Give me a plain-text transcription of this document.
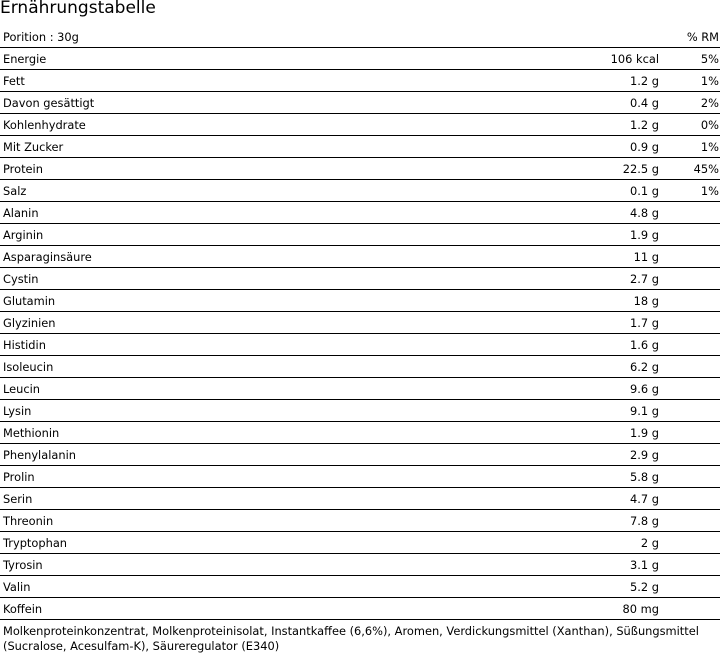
Ernährungstabelle
Porition : 30g		% RM
Energie	106 kcal	5%
Fett	1.2 g	1%
Davon gesättigt	0.4 g	2%
Kohlenhydrate	1.2 g	0%
Mit Zucker	0.9 g	1%
Protein	22.5 g	45%
Salz	0.1 g	1%
Alanin	4.8 g	
Arginin	1.9 g	
Asparaginsäure	11 g	
Cystin	2.7 g	
Glutamin	18 g	
Glyzinien	1.7 g	
Histidin	1.6 g	
Isoleucin	6.2 g	
Leucin	9.6 g	
Lysin	9.1 g	
Methionin	1.9 g	
Phenylalanin	2.9 g	
Prolin	5.8 g	
Serin	4.7 g	
Threonin	7.8 g	
Tryptophan	2 g	
Tyrosin	3.1 g	
Valin	5.2 g	
Koffein	80 mg	
Molkenproteinkonzentrat, Molkenproteinisolat, Instantkaffee (6,6%), Aromen, Verdickungsmittel (Xanthan), Süßungsmittel (Sucralose, Acesulfam-K), Säureregulator (E340)
